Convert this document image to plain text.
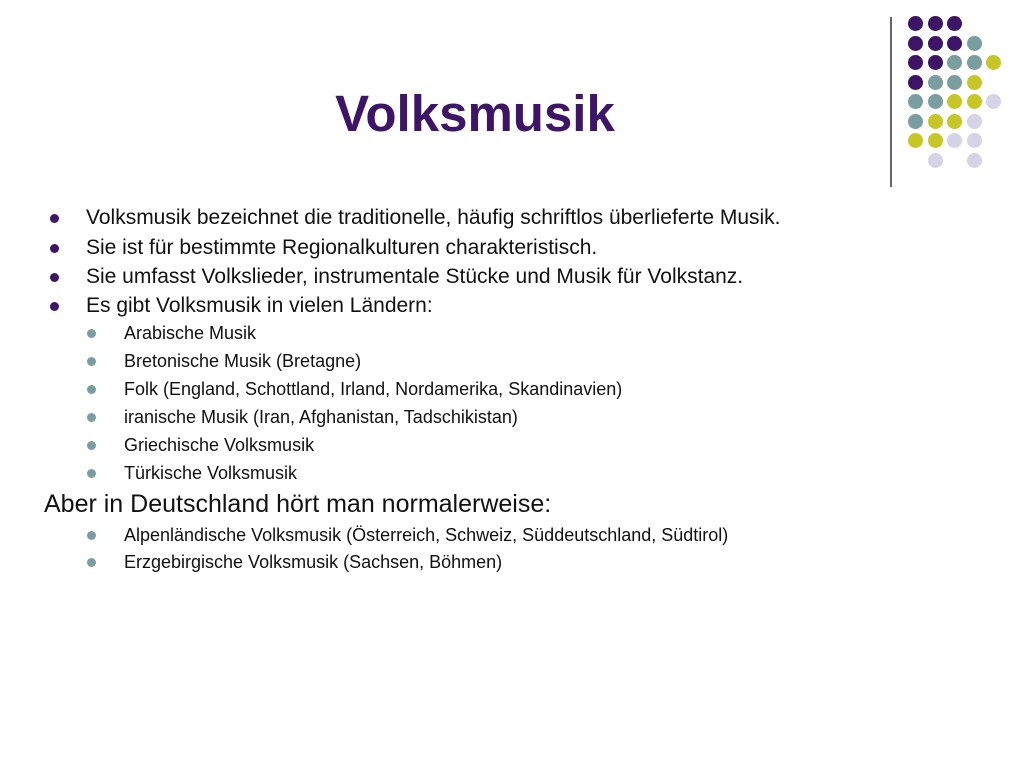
Volksmusik
Volksmusik bezeichnet die traditionelle, häufig schriftlos überlieferte Musik.
Sie ist für bestimmte Regionalkulturen charakteristisch.
Sie umfasst Volkslieder, instrumentale Stücke und Musik für Volkstanz.
Es gibt Volksmusik in vielen Ländern:
Arabische Musik
Bretonische Musik (Bretagne)
Folk (England, Schottland, Irland, Nordamerika, Skandinavien)
iranische Musik (Iran, Afghanistan, Tadschikistan)
Griechische Volksmusik
Türkische Volksmusik
Aber in Deutschland hört man normalerweise:
Alpenländische Volksmusik (Österreich, Schweiz, Süddeutschland, Südtirol)
Erzgebirgische Volksmusik (Sachsen, Böhmen)
